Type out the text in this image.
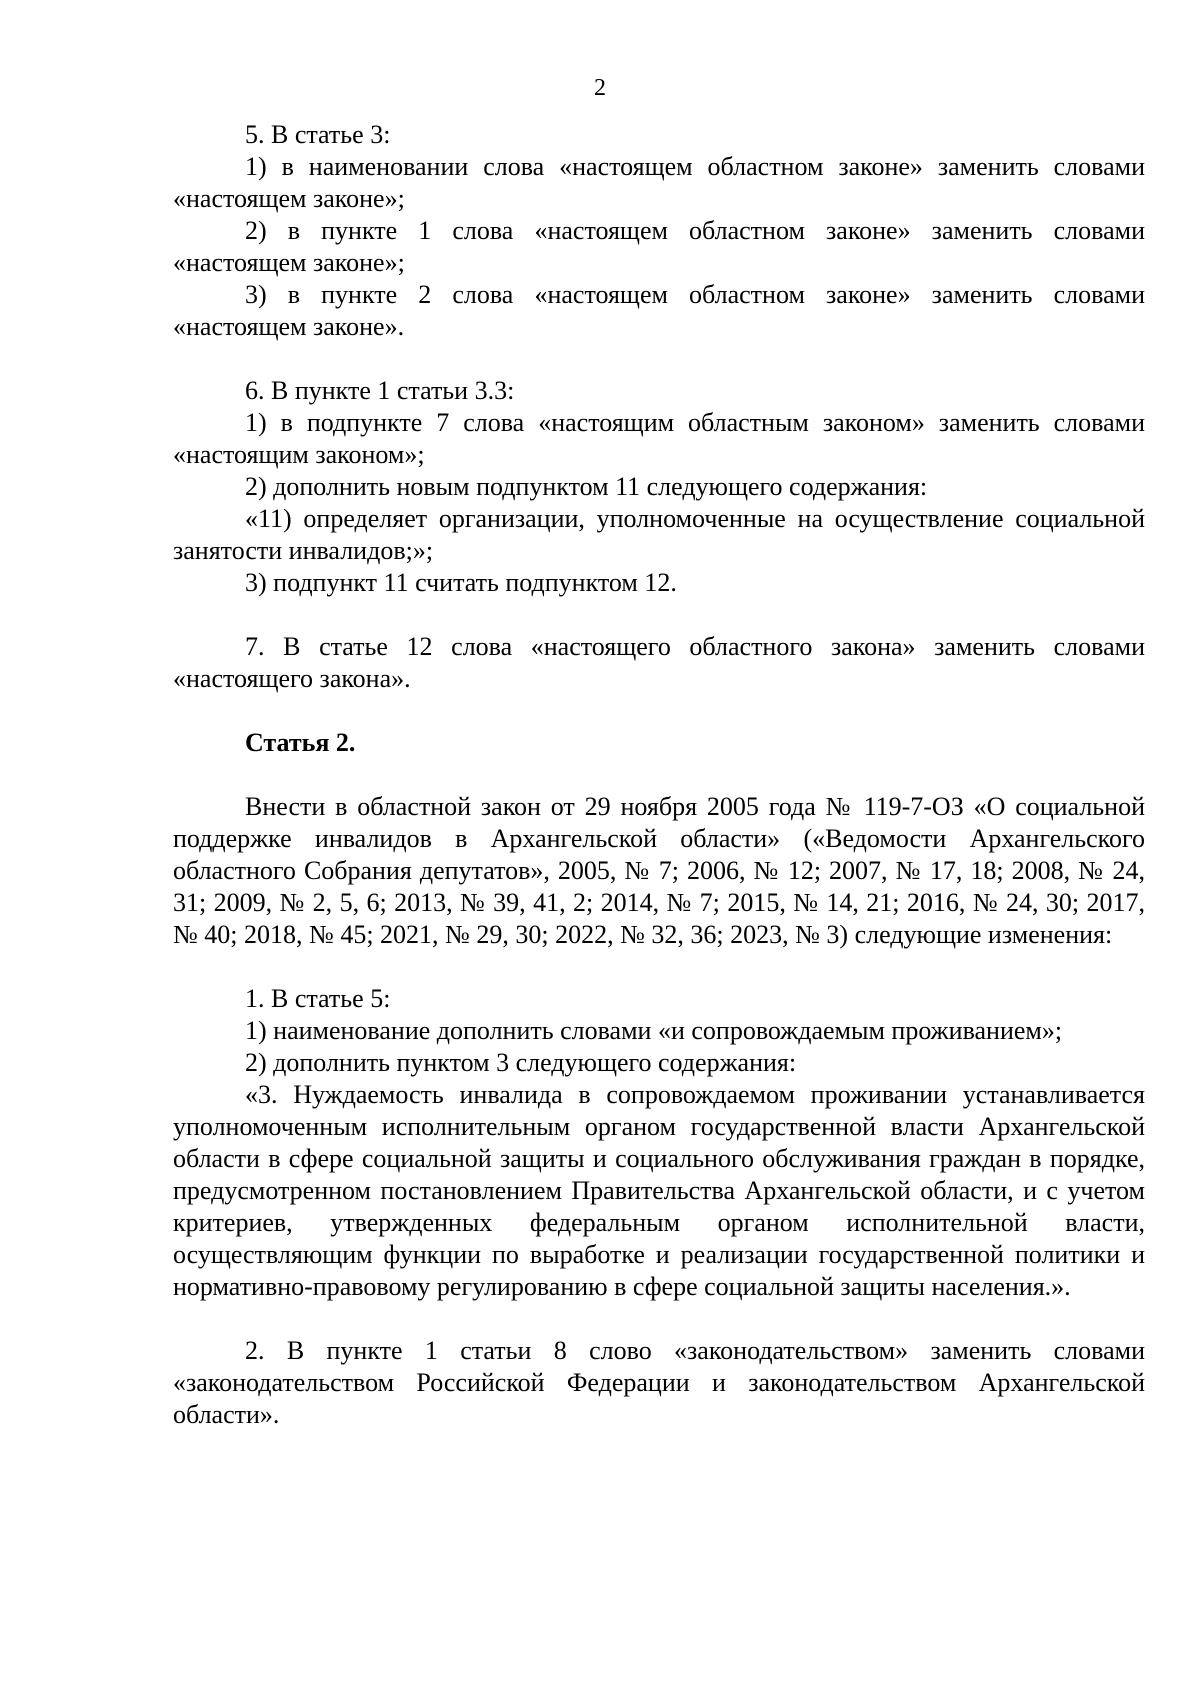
2

5. В статье 3:

1) в наименовании слова «настоящем областном законе» заменить словами «настоящем законе»;

2) в пункте 1 слова «настоящем областном законе» заменить словами «настоящем законе»;

3) в пункте 2 слова «настоящем областном законе» заменить словами «настоящем законе».

6. В пункте 1 статьи 3.3:

1) в подпункте 7 слова «настоящим областным законом» заменить словами «настоящим законом»;

2) дополнить новым подпунктом 11 следующего содержания:

«11) определяет организации, уполномоченные на осуществление социальной занятости инвалидов;»;

3) подпункт 11 считать подпунктом 12.

7. В статье 12 слова «настоящего областного закона» заменить словами «настоящего закона».

Статья 2.

Внести в областной закон от 29 ноября 2005 года № 119-7-ОЗ «О социальной поддержке инвалидов в Архангельской области» («Ведомости Архангельского областного Собрания депутатов», 2005, № 7; 2006, № 12; 2007, № 17, 18; 2008, № 24, 31; 2009, № 2, 5, 6; 2013, № 39, 41, 2; 2014, № 7; 2015, № 14, 21; 2016, № 24, 30; 2017, № 40; 2018, № 45; 2021, № 29, 30; 2022, № 32, 36; 2023, № 3) следующие изменения:

1. В статье 5:

1) наименование дополнить словами «и сопровождаемым проживанием»;

2) дополнить пунктом 3 следующего содержания:

«3. Нуждаемость инвалида в сопровождаемом проживании устанавливается уполномоченным исполнительным органом государственной власти Архангельской области в сфере социальной защиты и социального обслуживания граждан в порядке, предусмотренном постановлением Правительства Архангельской области, и с учетом критериев, утвержденных федеральным органом исполнительной власти, осуществляющим функции по выработке и реализации государственной политики и нормативно-правовому регулированию в сфере социальной защиты населения.».

2. В пункте 1 статьи 8 слово «законодательством» заменить словами «законодательством Российской Федерации и законодательством Архангельской области».
